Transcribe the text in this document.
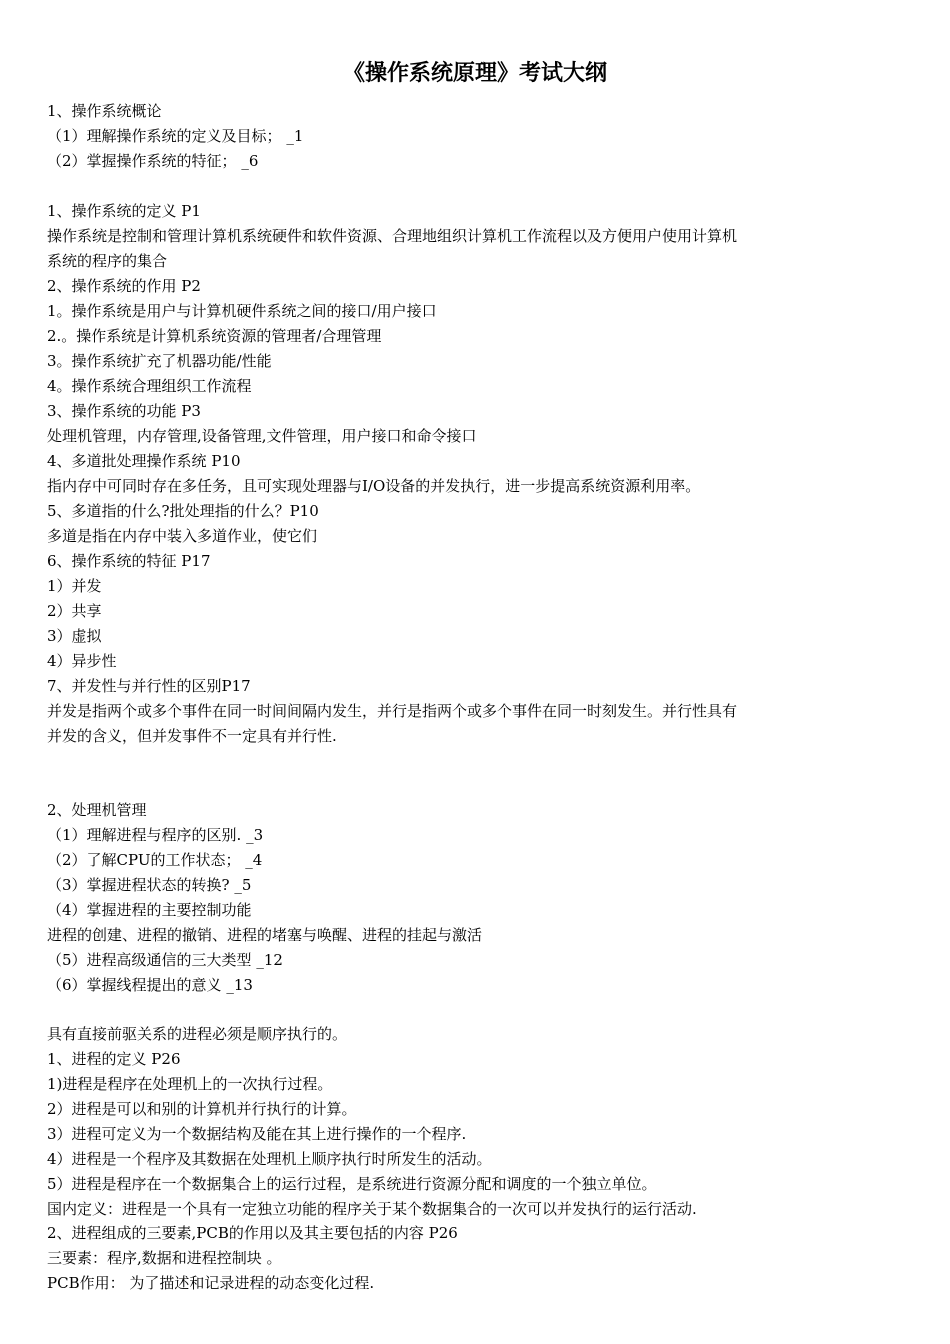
《操作系统原理》考试大纲
1、操作系统概论
（1）理解操作系统的定义及目标； _1
（2）掌握操作系统的特征； _6
1、操作系统的定义 P1
操作系统是控制和管理计算机系统硬件和软件资源、合理地组织计算机工作流程以及方便用户使用计算机
系统的程序的集合
2、操作系统的作用 P2
1。操作系统是用户与计算机硬件系统之间的接口/用户接口
2.。操作系统是计算机系统资源的管理者/合理管理
3。操作系统扩充了机器功能/性能
4。操作系统合理组织工作流程
3、操作系统的功能 P3
处理机管理，内存管理,设备管理,文件管理，用户接口和命令接口
4、多道批处理操作系统 P10
指内存中可同时存在多任务，且可实现处理器与I/O设备的并发执行，进一步提高系统资源利用率。
5、多道指的什么?批处理指的什么？P10
多道是指在内存中装入多道作业，使它们
6、操作系统的特征 P17
1）并发
2）共享
3）虚拟
4）异步性
7、并发性与并行性的区别P17
并发是指两个或多个事件在同一时间间隔内发生，并行是指两个或多个事件在同一时刻发生。并行性具有
并发的含义，但并发事件不一定具有并行性.
2、处理机管理
（1）理解进程与程序的区别. _3
（2）了解CPU的工作状态； _4
（3）掌握进程状态的转换? _5
（4）掌握进程的主要控制功能
进程的创建、进程的撤销、进程的堵塞与唤醒、进程的挂起与激活
（5）进程高级通信的三大类型 _12
（6）掌握线程提出的意义 _13
具有直接前驱关系的进程必须是顺序执行的。
1、进程的定义 P26
1)进程是程序在处理机上的一次执行过程。
2）进程是可以和别的计算机并行执行的计算。
3）进程可定义为一个数据结构及能在其上进行操作的一个程序.
4）进程是一个程序及其数据在处理机上顺序执行时所发生的活动。
5）进程是程序在一个数据集合上的运行过程，是系统进行资源分配和调度的一个独立单位。
国内定义：进程是一个具有一定独立功能的程序关于某个数据集合的一次可以并发执行的运行活动.
2、进程组成的三要素,PCB的作用以及其主要包括的内容 P26
三要素：程序,数据和进程控制块 。
PCB作用： 为了描述和记录进程的动态变化过程.
